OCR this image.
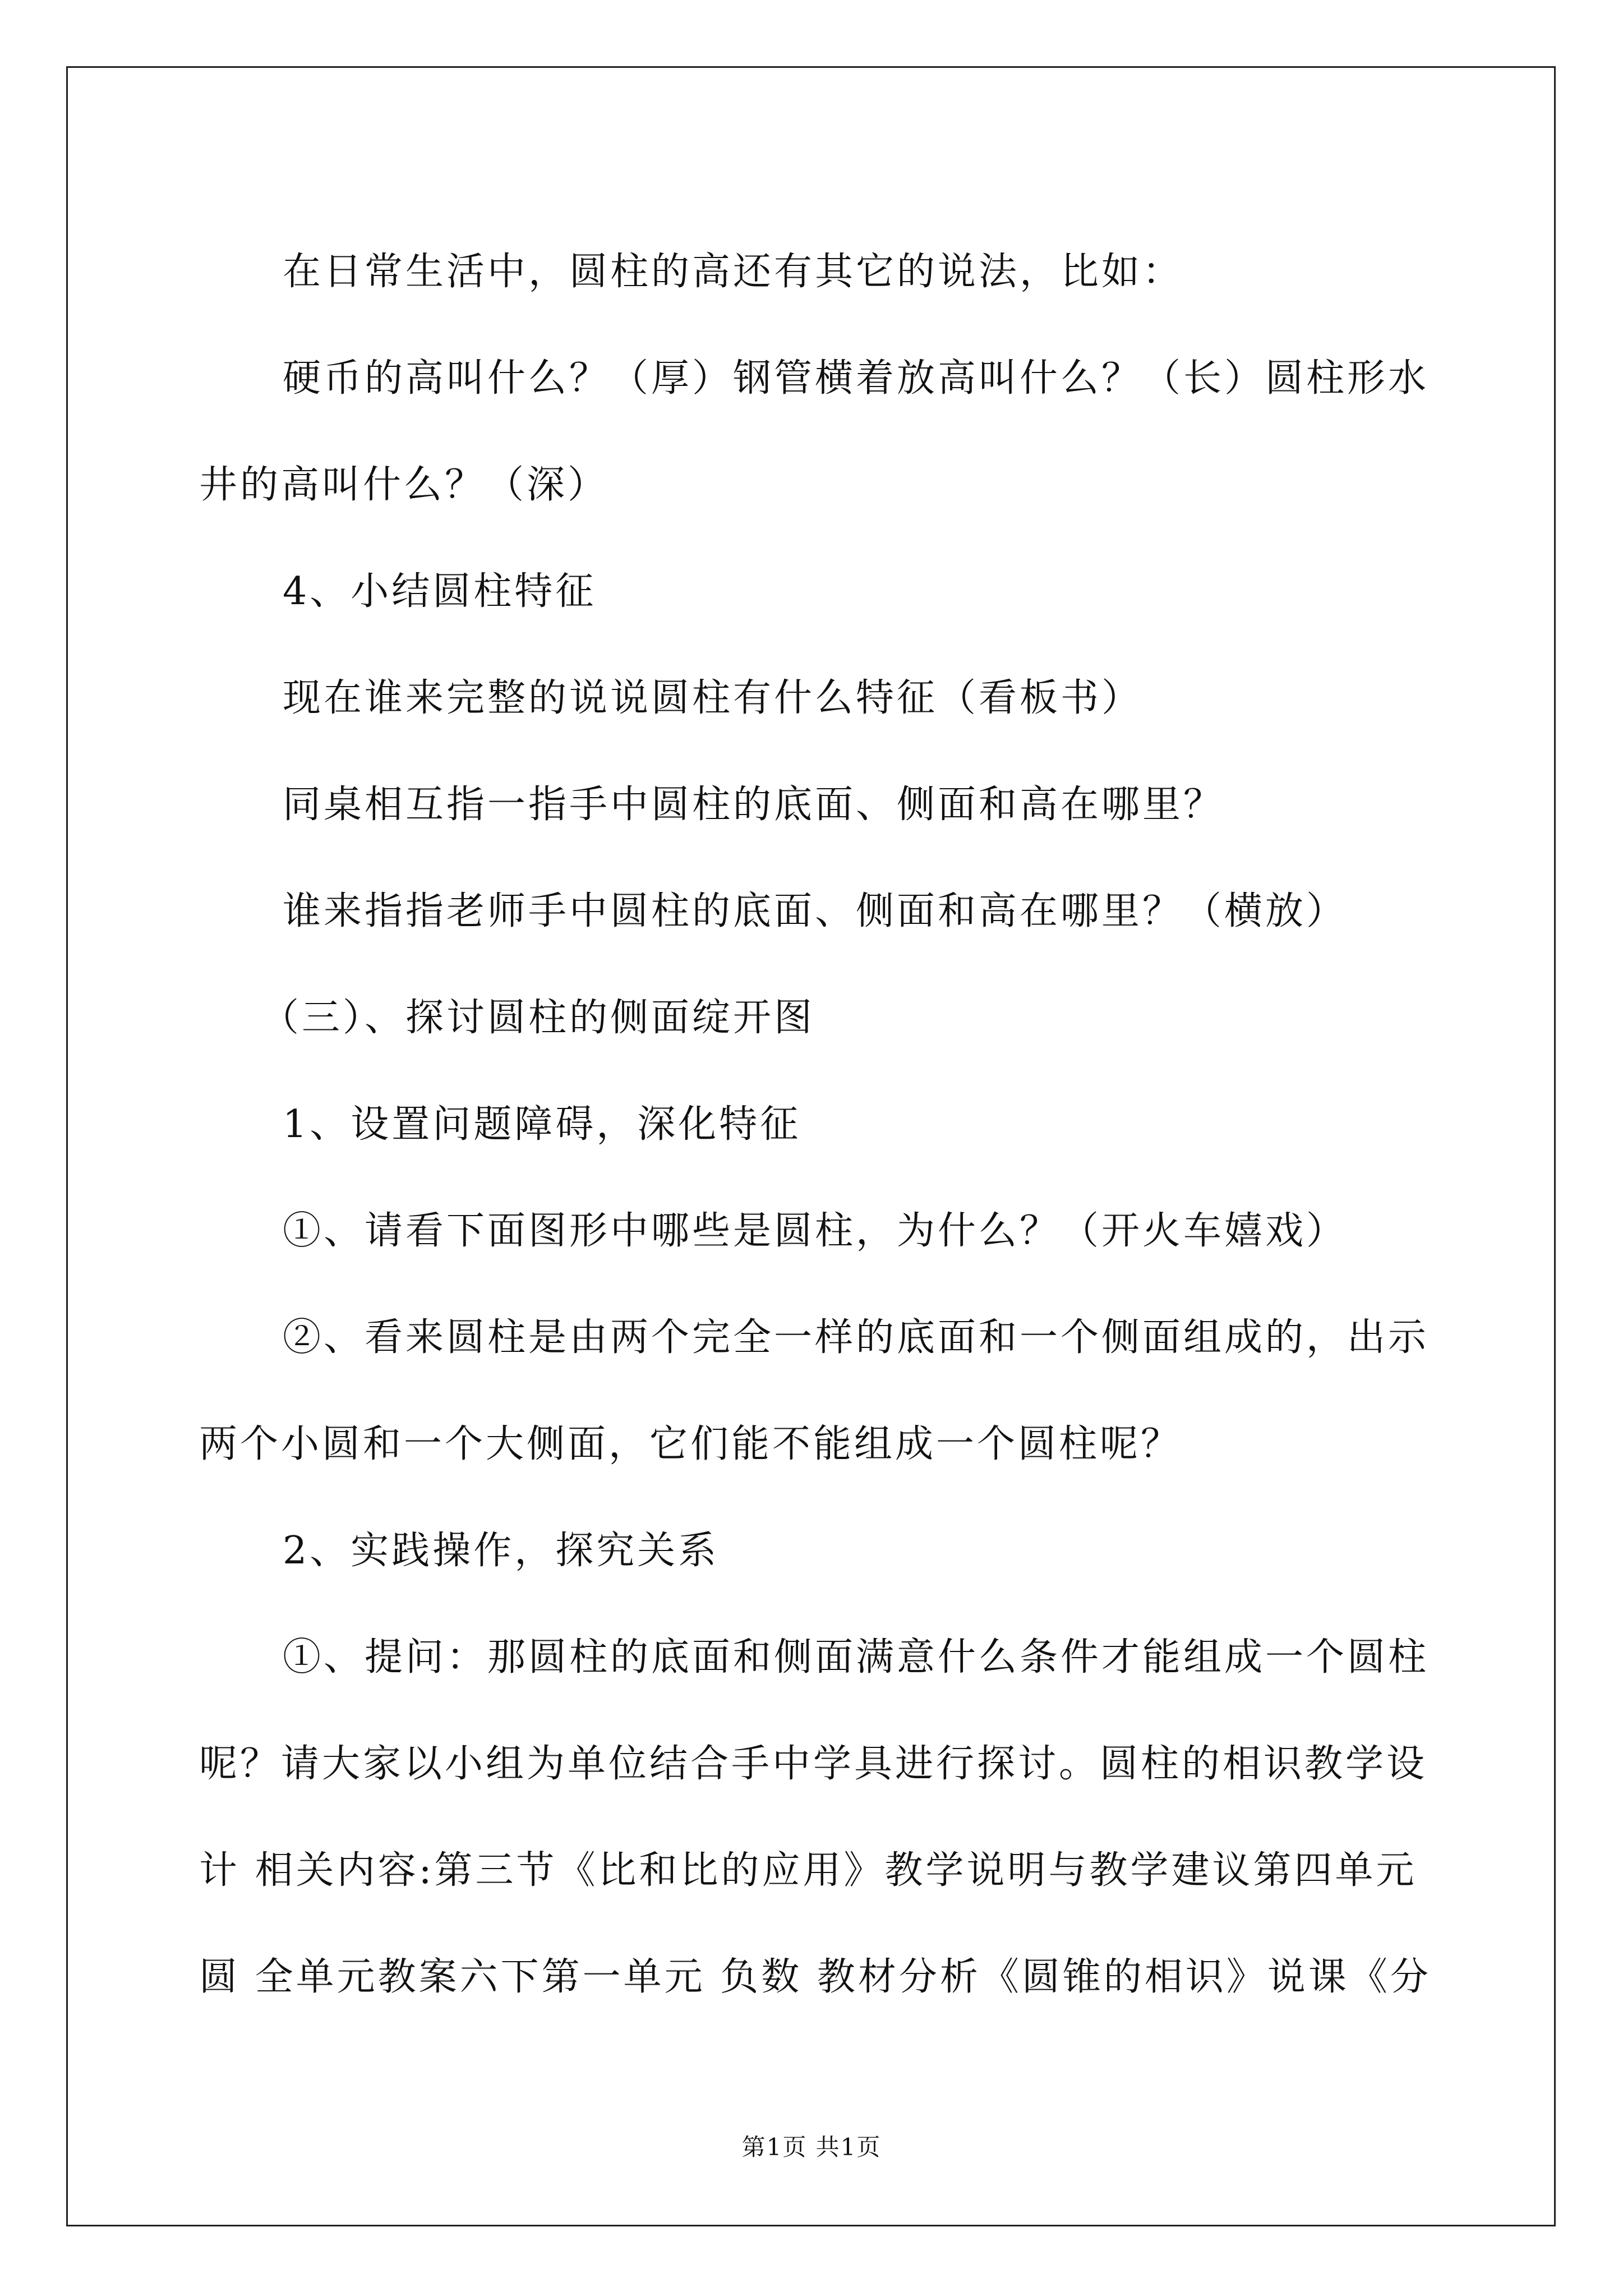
在日常生活中，圆柱的高还有其它的说法，比如：
硬币的高叫什么？（厚）钢管横着放高叫什么？（长）圆柱形水
井的高叫什么？（深）
4、小结圆柱特征
现在谁来完整的说说圆柱有什么特征（看板书）
同桌相互指一指手中圆柱的底面、侧面和高在哪里？
谁来指指老师手中圆柱的底面、侧面和高在哪里？（横放）
（三）、探讨圆柱的侧面绽开图
1、设置问题障碍，深化特征
①、请看下面图形中哪些是圆柱，为什么？（开火车嬉戏）
②、看来圆柱是由两个完全一样的底面和一个侧面组成的，出示
两个小圆和一个大侧面，它们能不能组成一个圆柱呢？
2、实践操作，探究关系
①、提问：那圆柱的底面和侧面满意什么条件才能组成一个圆柱
呢？请大家以小组为单位结合手中学具进行探讨。圆柱的相识教学设
计 相关内容:第三节《比和比的应用》教学说明与教学建议第四单元
圆 全单元教案六下第一单元 负数 教材分析《圆锥的相识》说课《分
第1页 共1页
